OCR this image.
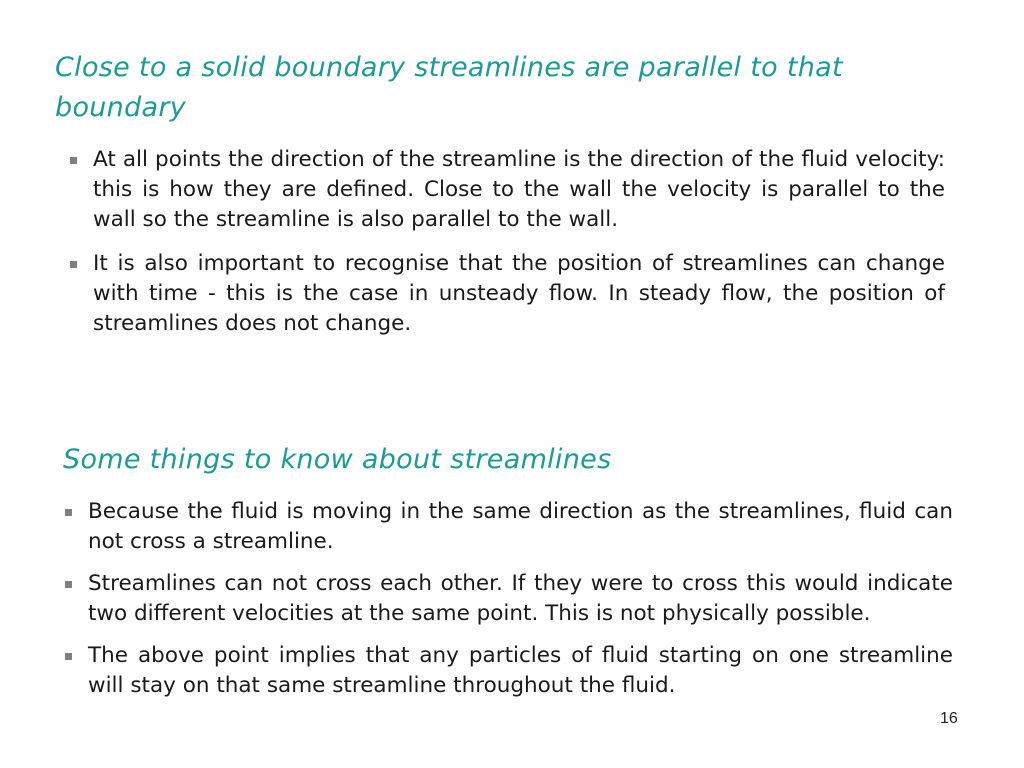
Close to a solid boundary streamlines are parallel to that boundary
At all points the direction of the streamline is the direction of the fluid velocity: this is how they are defined. Close to the wall the velocity is parallel to the wall so the streamline is also parallel to the wall.
It is also important to recognise that the position of streamlines can change with time - this is the case in unsteady flow. In steady flow, the position of streamlines does not change.
Some things to know about streamlines
Because the fluid is moving in the same direction as the streamlines, fluid can not cross a streamline.
Streamlines can not cross each other. If they were to cross this would indicate two different velocities at the same point. This is not physically possible.
The above point implies that any particles of fluid starting on one streamline will stay on that same streamline throughout the fluid.
16
